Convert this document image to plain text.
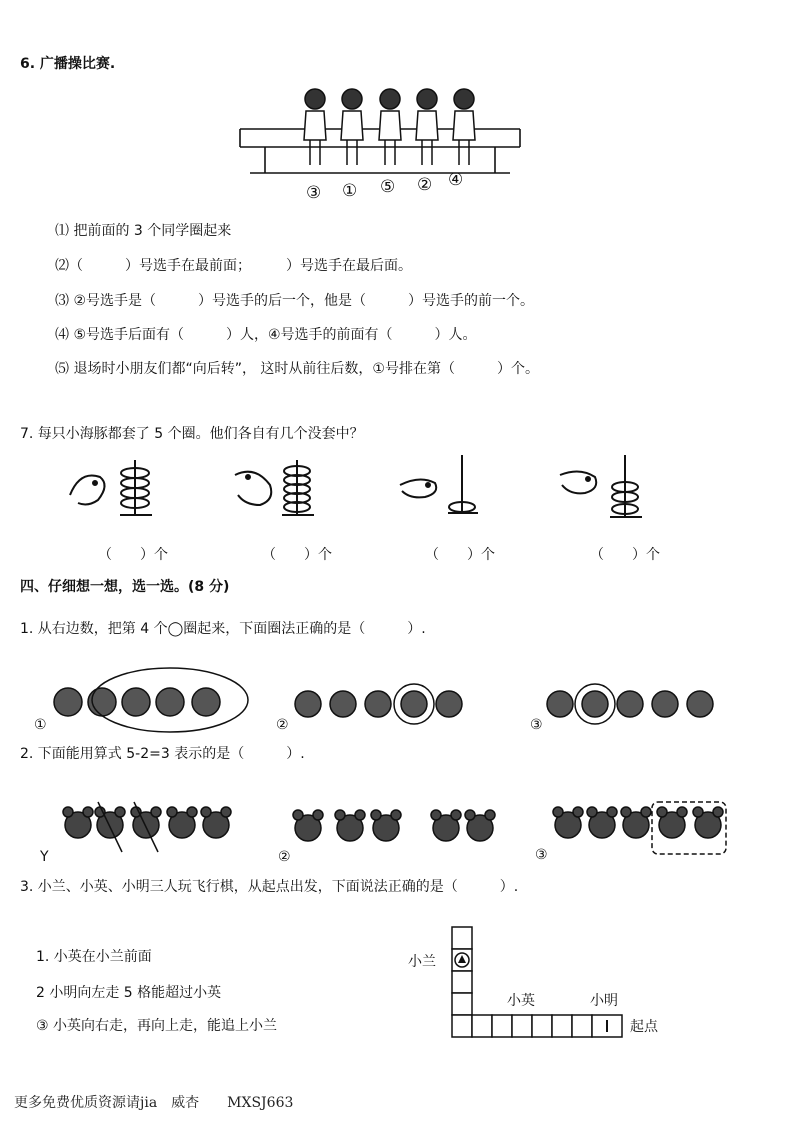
6. 广播操比赛.
③ ① ⑤ ② ④
⑴ 把前面的 3 个同学圈起来
⑵（　　　）号选手在最前面；　　　）号选手在最后面。
⑶ ②号选手是（　　　）号选手的后一个，他是（　　　）号选手的前一个。
⑷ ⑤号选手后面有（　　　）人，④号选手的前面有（　　　）人。
⑸ 退场时小朋友们都“向后转”， 这时从前往后数，①号排在第（　　　）个。
7. 每只小海豚都套了 5 个圈。他们各自有几个没套中？
（　　）个	（　　）个	（　　）个	（　　）个
四、仔细想一想，选一选。(8 分)
1. 从右边数，把第 4 个◯圈起来，下面圈法正确的是（　　　）.
①	②	③
2. 下面能用算式 5-2=3 表示的是（　　　）.
Y	②	③
3. 小兰、小英、小明三人玩飞行棋，从起点出发，下面说法正确的是（　　　）.
1. 小英在小兰前面
2 小明向左走 5 格能超过小英
③ 小英向右走，再向上走，能追上小兰
小兰
小英	小明
起点
更多免费优质资源请jia　威杏　　MXSJ663
